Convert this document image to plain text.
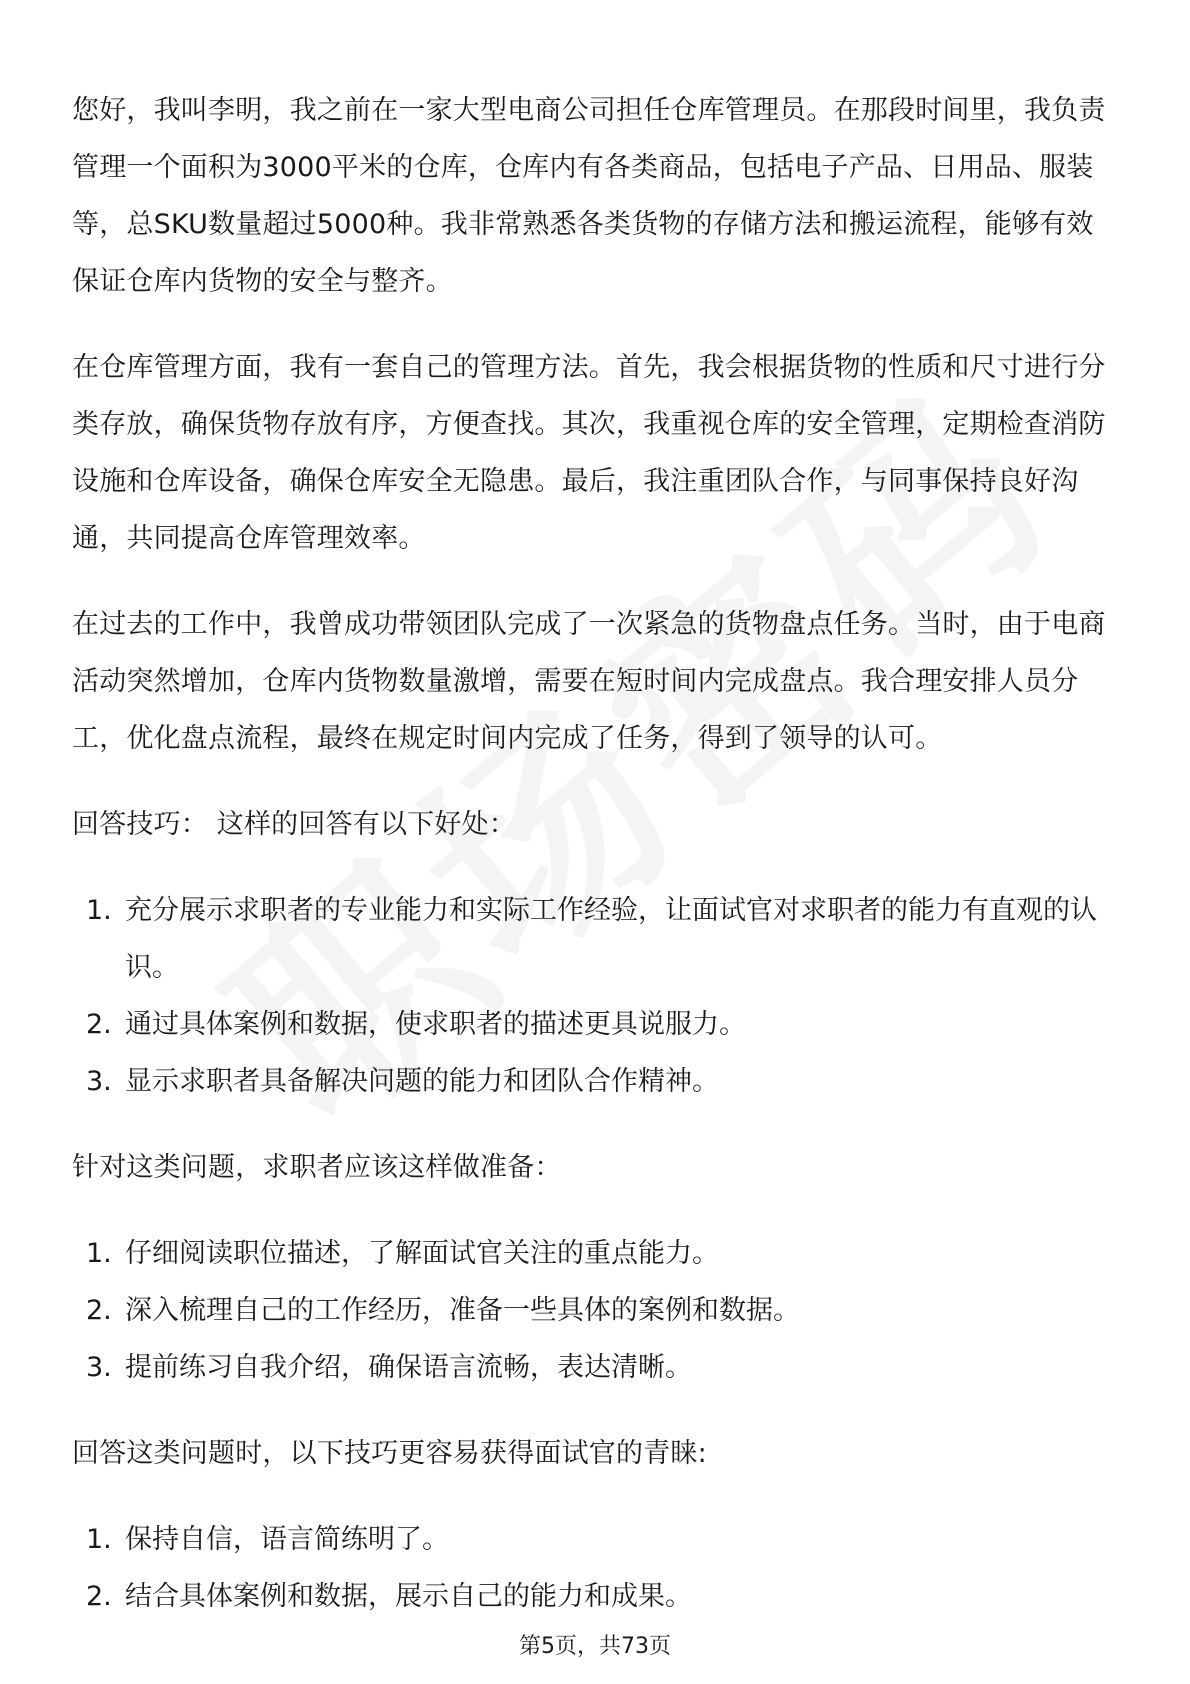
您好，我叫李明，我之前在一家大型电商公司担任仓库管理员。在那段时间里，我负责管理一个面积为3000平米的仓库，仓库内有各类商品，包括电子产品、日用品、服装等，总SKU数量超过5000种。我非常熟悉各类货物的存储方法和搬运流程，能够有效保证仓库内货物的安全与整齐。

在仓库管理方面，我有一套自己的管理方法。首先，我会根据货物的性质和尺寸进行分类存放，确保货物存放有序，方便查找。其次，我重视仓库的安全管理，定期检查消防设施和仓库设备，确保仓库安全无隐患。最后，我注重团队合作，与同事保持良好沟通，共同提高仓库管理效率。

在过去的工作中，我曾成功带领团队完成了一次紧急的货物盘点任务。当时，由于电商活动突然增加，仓库内货物数量激增，需要在短时间内完成盘点。我合理安排人员分工，优化盘点流程，最终在规定时间内完成了任务，得到了领导的认可。

回答技巧： 这样的回答有以下好处：

1. 充分展示求职者的专业能力和实际工作经验，让面试官对求职者的能力有直观的认识。
2. 通过具体案例和数据，使求职者的描述更具说服力。
3. 显示求职者具备解决问题的能力和团队合作精神。

针对这类问题，求职者应该这样做准备：

1. 仔细阅读职位描述，了解面试官关注的重点能力。
2. 深入梳理自己的工作经历，准备一些具体的案例和数据。
3. 提前练习自我介绍，确保语言流畅，表达清晰。

回答这类问题时，以下技巧更容易获得面试官的青睐:

1. 保持自信，语言简练明了。
2. 结合具体案例和数据，展示自己的能力和成果。
第5页，共73页
